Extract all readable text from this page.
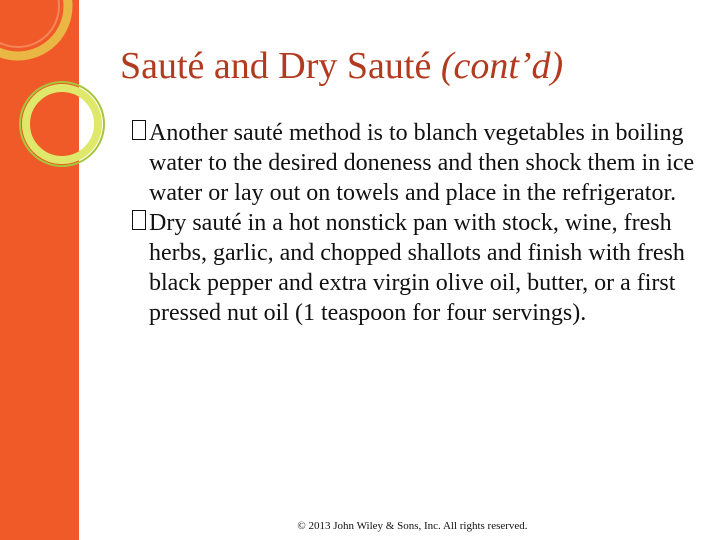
Sauté and Dry Sauté (cont’d)

Another sauté method is to blanch vegetables in boiling water to the desired doneness and then shock them in ice water or lay out on towels and place in the refrigerator.

Dry sauté in a hot nonstick pan with stock, wine, fresh herbs, garlic, and chopped shallots and finish with fresh black pepper and extra virgin olive oil, butter, or a first pressed nut oil (1 teaspoon for four servings).

© 2013 John Wiley & Sons, Inc. All rights reserved.
